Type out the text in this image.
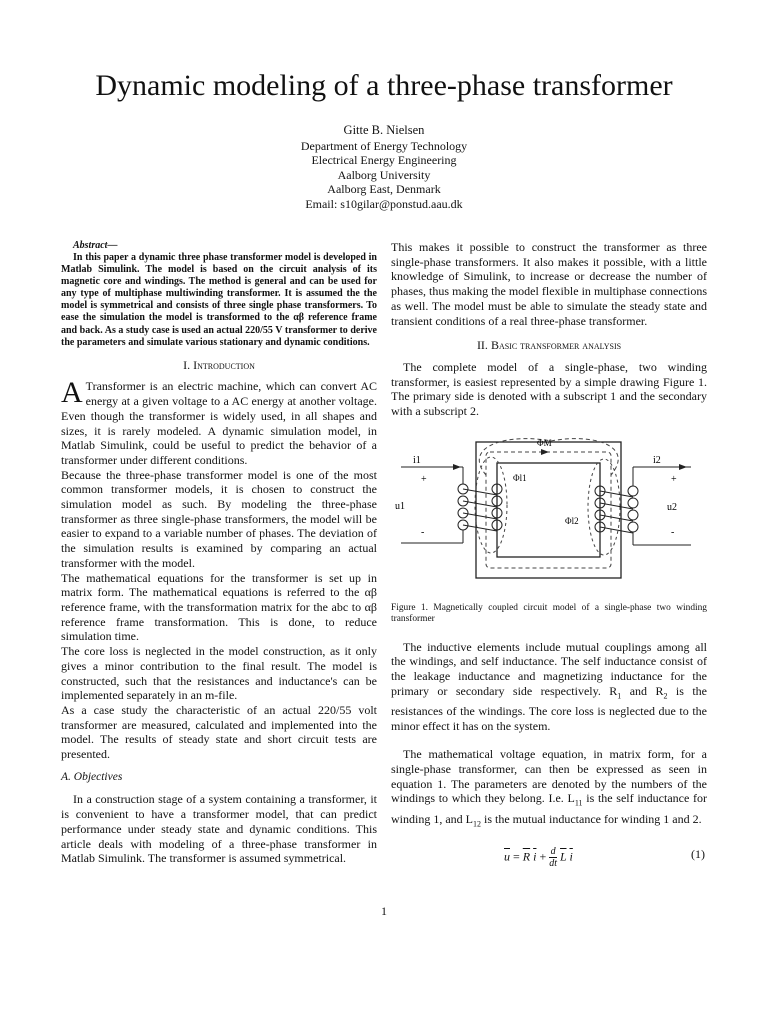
Dynamic modeling of a three-phase transformer
Gitte B. Nielsen
Department of Energy Technology
Electrical Energy Engineering
Aalborg University
Aalborg East, Denmark
Email: s10gilar@ponstud.aau.dk

Abstract—

In this paper a dynamic three phase transformer model is developed in Matlab Simulink. The model is based on the circuit analysis of its magnetic core and windings. The method is general and can be used for any type of multiphase multiwinding transformer. It is assumed the the model is symmetrical and consists of three single phase transformers. To ease the simulation the model is transformed to the αβ reference frame and back. As a study case is used an actual 220/55 V transformer to derive the parameters and simulate various stationary and dynamic conditions.

I. Introduction

A Transformer is an electric machine, which can convert AC energy at a given voltage to a AC energy at another voltage. Even though the transformer is widely used, in all shapes and sizes, it is rarely modeled. A dynamic simulation model, in Matlab Simulink, could be useful to predict the behavior of a transformer under different conditions.

Because the three-phase transformer model is one of the most common transformer models, it is chosen to construct the simulation model as such. By modeling the three-phase transformer as three single-phase transformers, the model will be easier to expand to a variable number of phases. The deviation of the simulation results is examined by comparing an actual transformer with the model.

The mathematical equations for the transformer is set up in matrix form. The mathematical equations is referred to the αβ reference frame, with the transformation matrix for the abc to αβ reference frame transformation. This is done, to reduce simulation time.

The core loss is neglected in the model construction, as it only gives a minor contribution to the final result. The model is constructed, such that the resistances and inductance's can be implemented separately in an m-file.

As a case study the characteristic of an actual 220/55 volt transformer are measured, calculated and implemented into the model. The results of steady state and short circuit tests are presented.

A. Objectives

In a construction stage of a system containing a transformer, it is convenient to have a transformer model, that can predict performance under steady state and dynamic conditions. This article deals with modeling of a three-phase transformer in Matlab Simulink. The transformer is assumed symmetrical.

This makes it possible to construct the transformer as three single-phase transformers. It also makes it possible, with a little knowledge of Simulink, to increase or decrease the number of phases, thus making the model flexible in multiphase connections as well. The model must be able to simulate the steady state and transient conditions of a real three-phase transformer.

II. Basic transformer analysis

The complete model of a single-phase, two winding transformer, is easiest represented by a simple drawing Figure 1. The primary side is denoted with a subscript 1 and the secondary with a subscript 2.

i1	i2
u1	u2
ΦM
Φl1
Φl2
+
-
+
-

Figure 1. Magnetically coupled circuit model of a single-phase two winding transformer

The inductive elements include mutual couplings among all the windings, and self inductance. The self inductance consist of the leakage inductance and magnetizing inductance for the primary or secondary side respectively. $R_1$ and $R_2$ is the resistances of the windings. The core loss is neglected due to the minor effect it has on the system.

The mathematical voltage equation, in matrix form, for a single-phase transformer, can then be expressed as seen in equation 1. The parameters are denoted by the numbers of the windings to which they belong. I.e. $L_{11}$ is the self inductance for winding 1, and $L_{12}$ is the mutual inductance for winding 1 and 2.

$\overline{u} = \overline{R}$ $\overline{i} + \frac{d}{dt} \overline{L}$ $\overline{i}$	(1)
1
